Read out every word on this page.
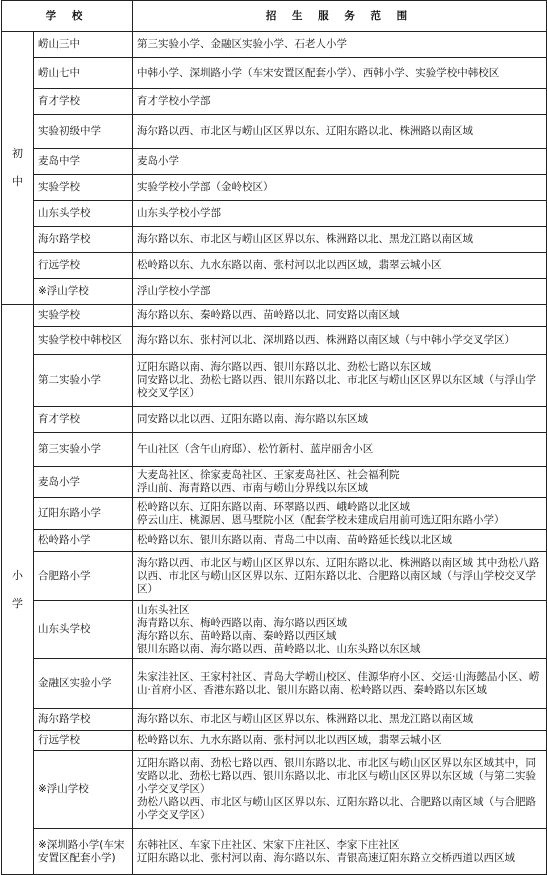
学 校		招 生 服 务 范 围
初
中	崂山三中	第三实验小学、金融区实验小学、石老人小学
	崂山七中	中韩小学、深圳路小学（车宋安置区配套小学）、西韩小学、实验学校中韩校区
	育才学校	育才学校小学部
	实验初级中学	海尔路以西、市北区与崂山区区界以东、辽阳东路以北、株洲路以南区域
	麦岛中学	麦岛小学
	实验学校	实验学校小学部（金岭校区）
	山东头学校	山东头学校小学部
	海尔路学校	海尔路以东、市北区与崂山区区界以东、株洲路以北、黑龙江路以南区域
	行远学校	松岭路以东、九水东路以南、张村河以北以西区域，翡翠云城小区
	※浮山学校	浮山学校小学部
小
学	实验学校	海尔路以东、秦岭路以西、苗岭路以北、同安路以南区域
	实验学校中韩校区	海尔路以东、张村河以北、深圳路以西、株洲路以南区域（与中韩小学交叉学区）
	第二实验小学	辽阳东路以南、海尔路以西、银川东路以北、劲松七路以东区域
同安路以北、劲松七路以西、银川东路以北、市北区与崂山区区界以东区域（与浮山学校交叉学区）
	育才学校	同安路以北以西、辽阳东路以南、海尔路以东区域
	第三实验小学	午山社区（含午山府邸）、松竹新村、蓝岸丽舍小区
	麦岛小学	大麦岛社区、徐家麦岛社区、王家麦岛社区、社会福利院
浮山前、海青路以西、市南与崂山分界线以东区域
	辽阳东路小学	松岭路以东、辽阳东路以南、环翠路以西、峨岭路以北区域
停云山庄、桃源居、恩马墅院小区（配套学校未建成启用前可选辽阳东路小学）
	松岭路小学	松岭路以东、银川东路以南、青岛二中以南、苗岭路延长线以北区域
	合肥路小学	海尔路以西、市北区与崂山区区界以东、辽阳东路以北、株洲路以南区域 其中劲松八路以西、市北区与崂山区区界以东、辽阳东路以北、合肥路以南区域（与浮山学校交叉学区）
	山东头学校	山东头社区
海青路以东、梅岭西路以南、海尔路以西区域
海尔路以东、苗岭路以南、秦岭路以西区域
银川东路以南、海尔路以西、苗岭路以北、山东头路以东区域
	金融区实验小学	朱家洼社区、王家村社区、青岛大学崂山校区、佳源华府小区、交运·山海懿品小区、崂山·首府小区、香港东路以北、银川东路以南、松岭路以西、秦岭路以东区域
	海尔路学校	海尔路以东、市北区与崂山区区界以东、株洲路以北、黑龙江路以南区域
	行远学校	松岭路以东、九水东路以南、张村河以北以西区域，翡翠云城小区
	※浮山学校	辽阳东路以南、劲松七路以西、银川东路以北、市北区与崂山区区界以东区域其中，同安路以北、劲松七路以西、银川东路以北、市北区与崂山区区界以东区域（与第二实验小学交叉学区）
劲松八路以西、市北区与崂山区区界以东、辽阳东路以北、合肥路以南区域（与合肥路小学交叉学区）
	※深圳路小学(车宋安置区配套小学)	东韩社区、车家下庄社区、宋家下庄社区、李家下庄社区
辽阳东路以北、张村河以南、海尔路以东、青银高速辽阳东路立交桥西道以西区域
